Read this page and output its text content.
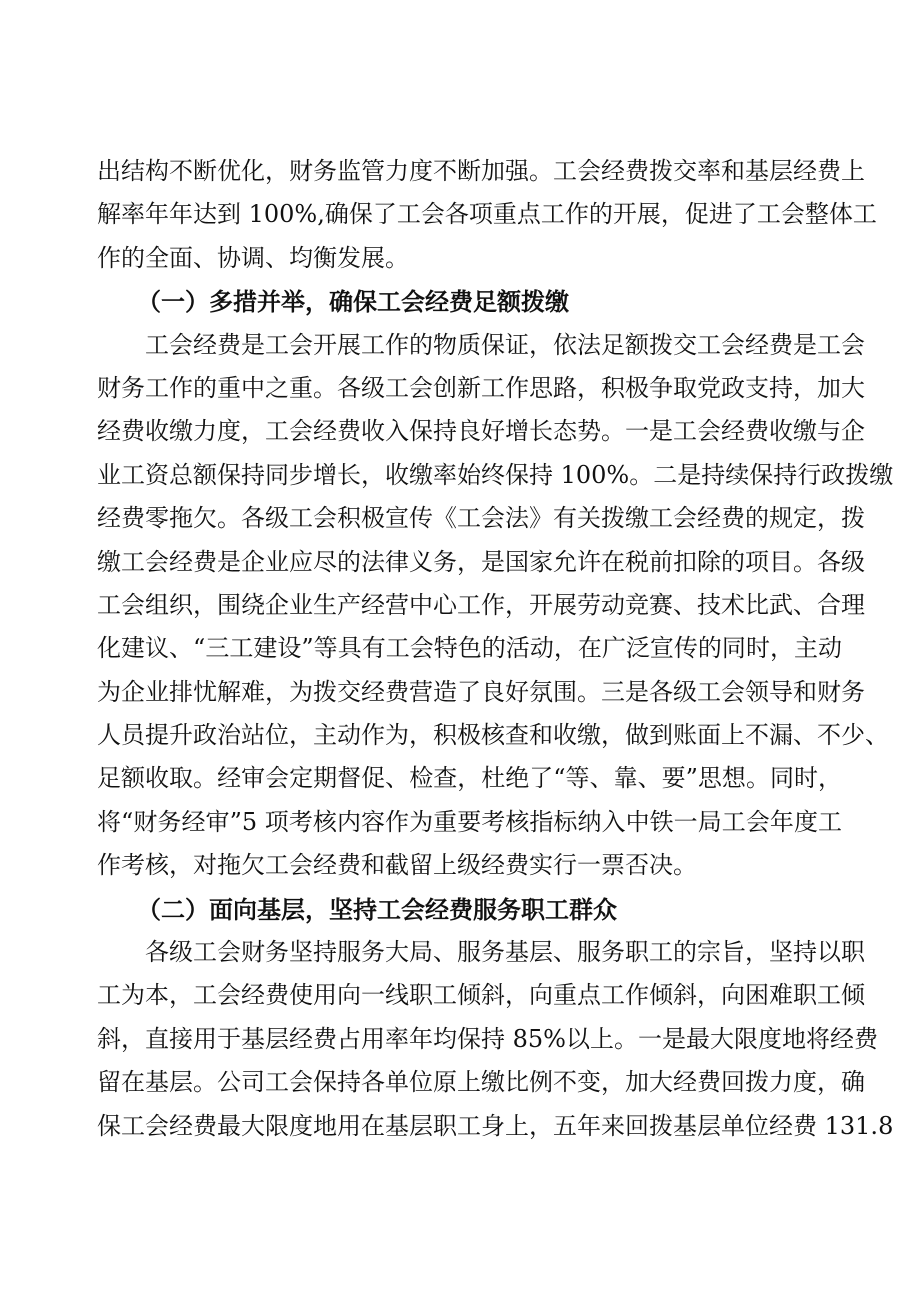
出结构不断优化，财务监管力度不断加强。工会经费拨交率和基层经费上
解率年年达到 100%,确保了工会各项重点工作的开展，促进了工会整体工
作的全面、协调、均衡发展。
（一）多措并举，确保工会经费足额拨缴
　　工会经费是工会开展工作的物质保证，依法足额拨交工会经费是工会
财务工作的重中之重。各级工会创新工作思路，积极争取党政支持，加大
经费收缴力度，工会经费收入保持良好增长态势。一是工会经费收缴与企
业工资总额保持同步增长，收缴率始终保持 100%。二是持续保持行政拨缴
经费零拖欠。各级工会积极宣传《工会法》有关拨缴工会经费的规定，拨
缴工会经费是企业应尽的法律义务，是国家允许在税前扣除的项目。各级
工会组织，围绕企业生产经营中心工作，开展劳动竞赛、技术比武、合理
化建议、“三工建设”等具有工会特色的活动，在广泛宣传的同时，主动
为企业排忧解难，为拨交经费营造了良好氛围。三是各级工会领导和财务
人员提升政治站位，主动作为，积极核查和收缴，做到账面上不漏、不少、
足额收取。经审会定期督促、检查，杜绝了“等、靠、要”思想。同时，
将“财务经审”5 项考核内容作为重要考核指标纳入中铁一局工会年度工
作考核，对拖欠工会经费和截留上级经费实行一票否决。
（二）面向基层，坚持工会经费服务职工群众
　　各级工会财务坚持服务大局、服务基层、服务职工的宗旨，坚持以职
工为本，工会经费使用向一线职工倾斜，向重点工作倾斜，向困难职工倾
斜，直接用于基层经费占用率年均保持 85%以上。一是最大限度地将经费
留在基层。公司工会保持各单位原上缴比例不变，加大经费回拨力度，确
保工会经费最大限度地用在基层职工身上，五年来回拨基层单位经费 131.8
